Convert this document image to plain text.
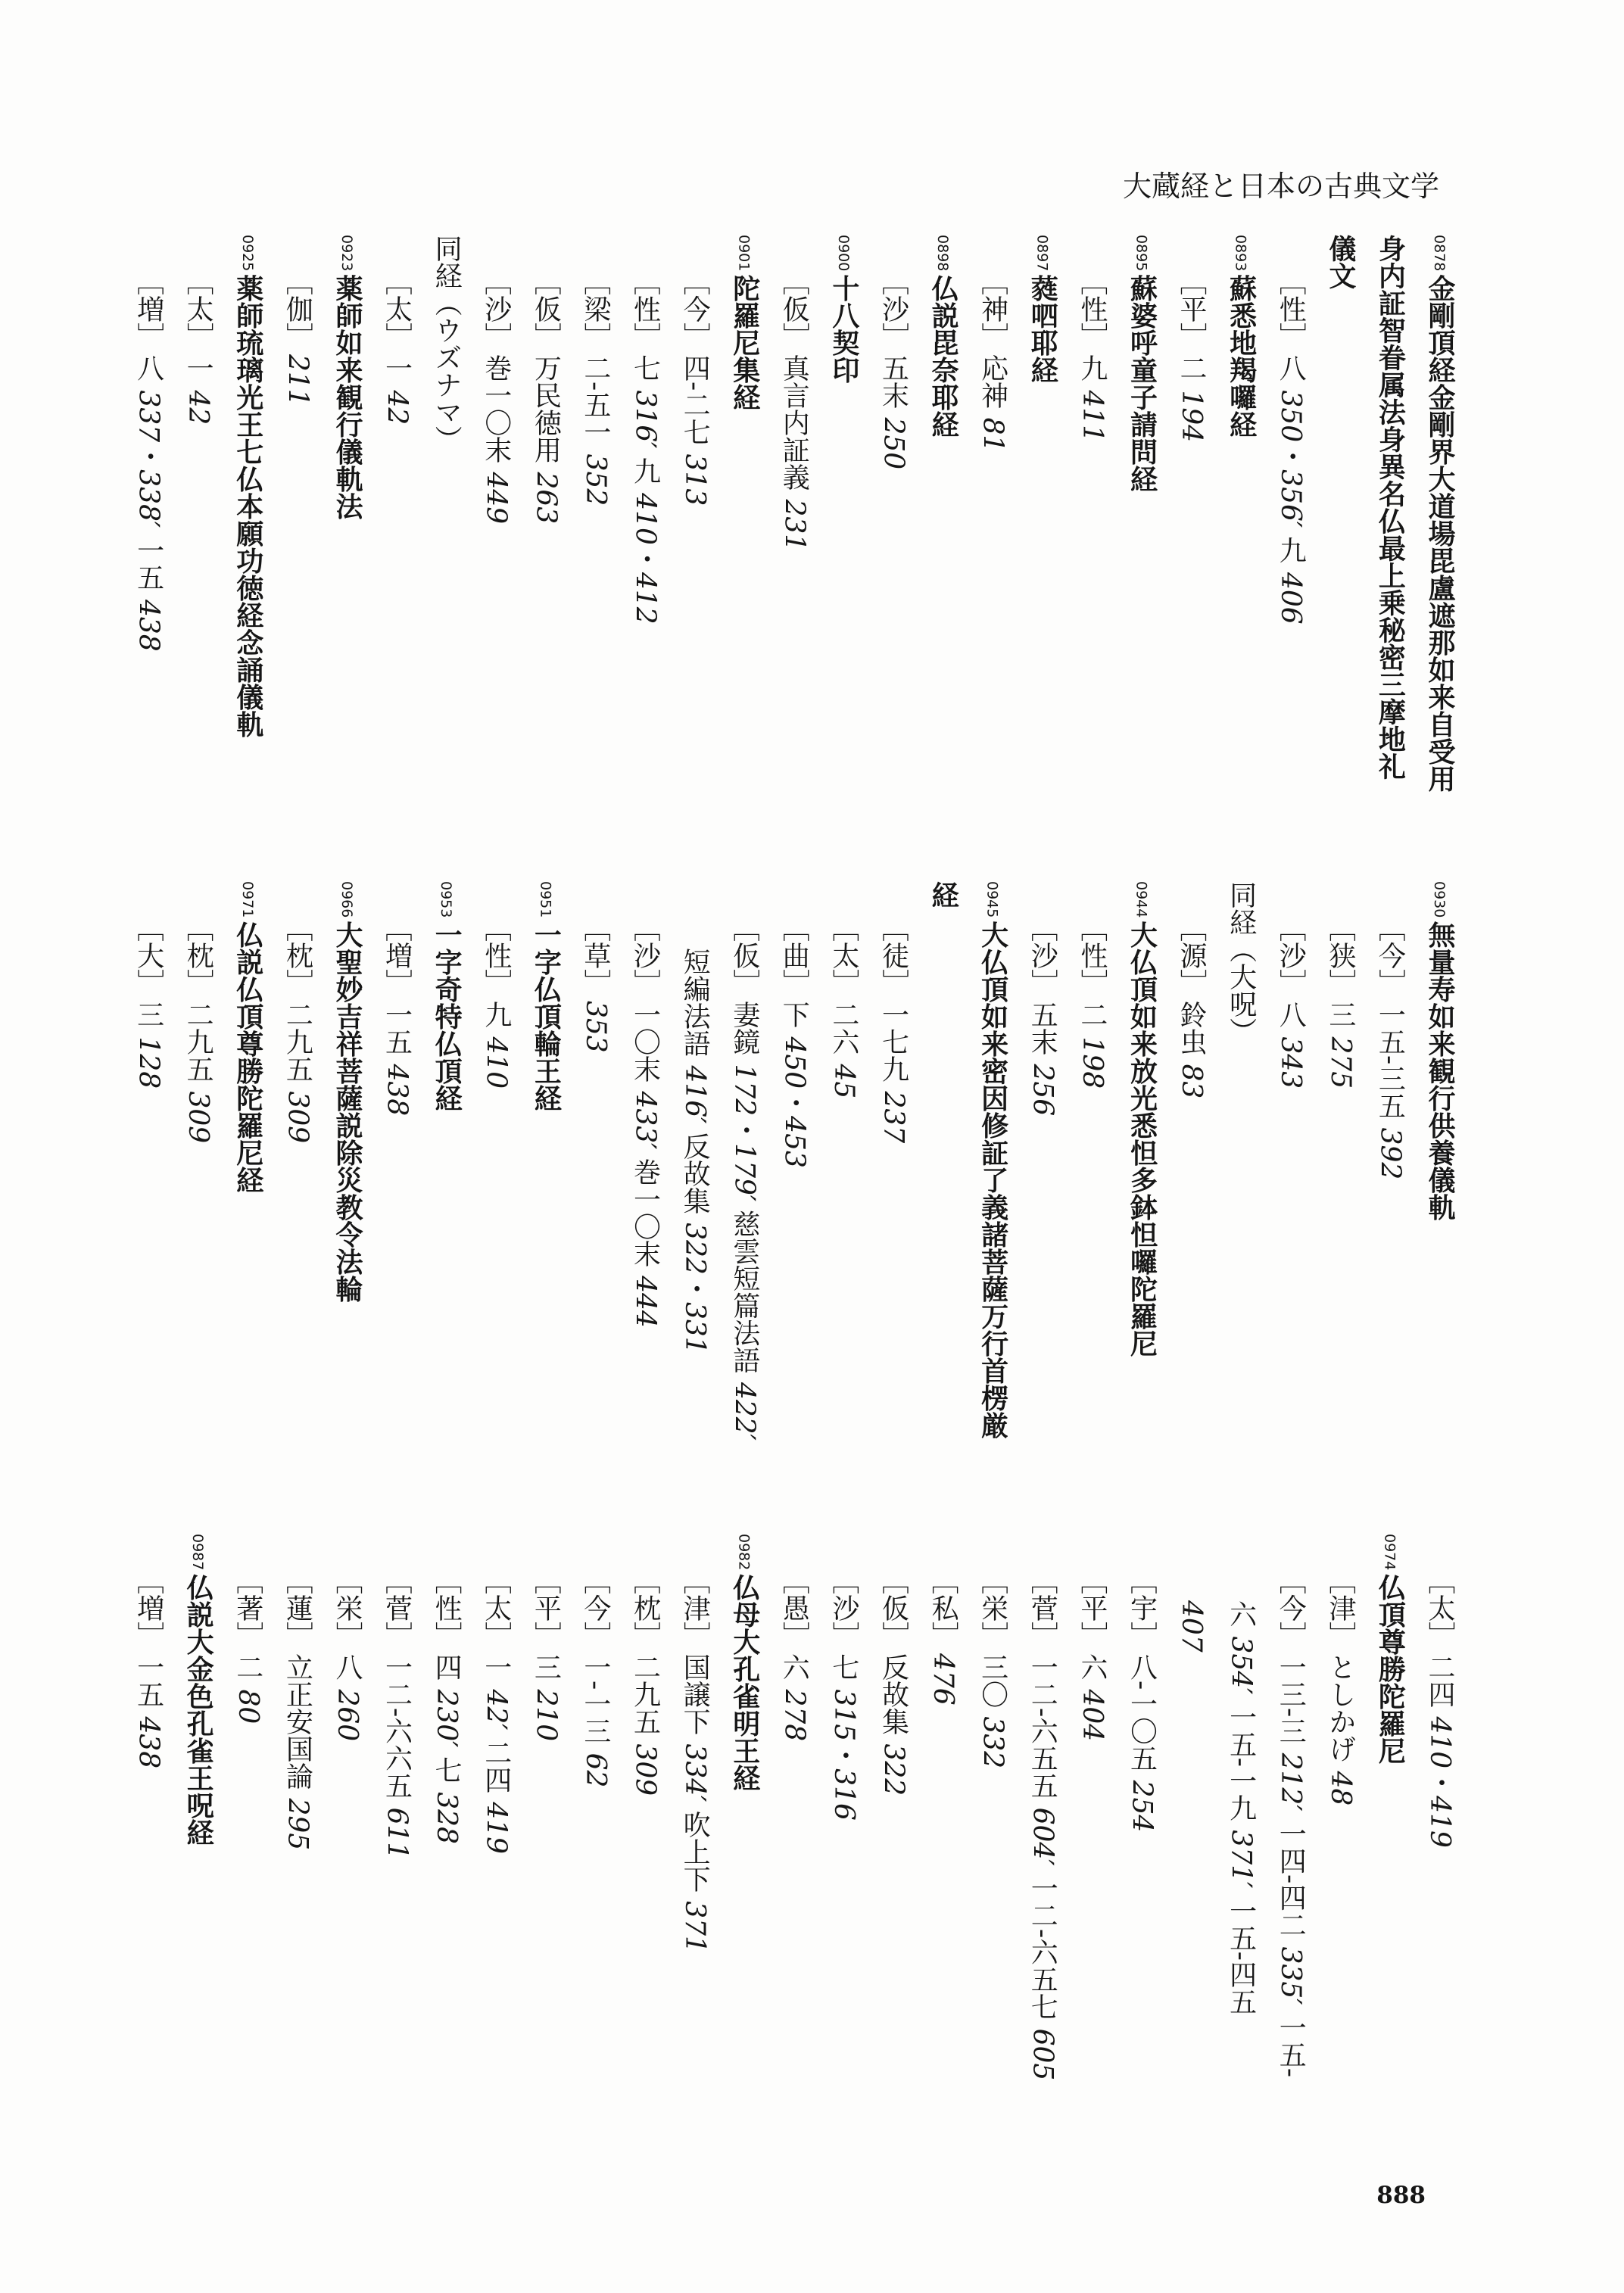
大蔵経と日本の古典文学
0878金剛頂経金剛界大道場毘盧遮那如来自受用
身内証智眷属法身異名仏最上乗秘密三摩地礼
儀文
［性］八 350・356′ 九 406
0893蘇悉地羯囉経
［平］二 194
0895蘇婆呼童子請問経
［性］九 411
0897蕤呬耶経
［神］応神 81
0898仏説毘奈耶経
［沙］五末 250
0900十八契印
［仮］真言内証義 231
0901陀羅尼集経
［今］四-二七 313
［性］七 316′ 九 410・412
［梁］二-五一 352
［仮］万民徳用 263
［沙］巻一〇末 449
同経（ウズナマ）
［太］一 42
0923薬師如来観行儀軌法
［伽］211
0925薬師琉璃光王七仏本願功徳経念誦儀軌
［太］一 42
［増］八 337・338′ 一五 438
0930無量寿如来観行供養儀軌
［今］一五-三五 392
［狭］三 275
［沙］八 343
同経（大呪）
［源］鈴虫 83
0944大仏頂如来放光悉怛多鉢怛囉陀羅尼
［性］二 198
［沙］五末 256
0945大仏頂如来密因修証了義諸菩薩万行首楞厳
経
［徒］一七九 237
［太］二六 45
［曲］下 450・453
［仮］妻鏡 172・179′ 慈雲短篇法語 422′
短編法語 416′ 反故集 322・331
［沙］一〇末 433′ 巻一〇末 444
［草］353
0951一字仏頂輪王経
［性］九 410
0953一字奇特仏頂経
［増］一五 438
0966大聖妙吉祥菩薩説除災教令法輪
［枕］二九五 309
0971仏説仏頂尊勝陀羅尼経
［枕］二九五 309
［大］三 128
［太］二四 410・419
0974仏頂尊勝陀羅尼
［津］としかげ 48
［今］一三-三 212′ 一四-四二 335′ 一五-
六 354′ 一五-一九 371′ 一五-四五
407
［宇］八-一〇五 254
［平］六 404
［菅］一二-六五五 604′ 一二-六五七 605
［栄］三〇 332
［私］476
［仮］反故集 322
［沙］七 315・316
［愚］六 278
0982仏母大孔雀明王経
［津］国譲下 334′ 吹上下 371
［枕］二九五 309
［今］一-一三 62
［平］三 210
［太］一 42′ 二四 419
［性］四 230′ 七 328
［菅］一二-六六五 611
［栄］八 260
［蓮］立正安国論 295
［著］二 80
0987仏説大金色孔雀王呪経
［増］一五 438
888
